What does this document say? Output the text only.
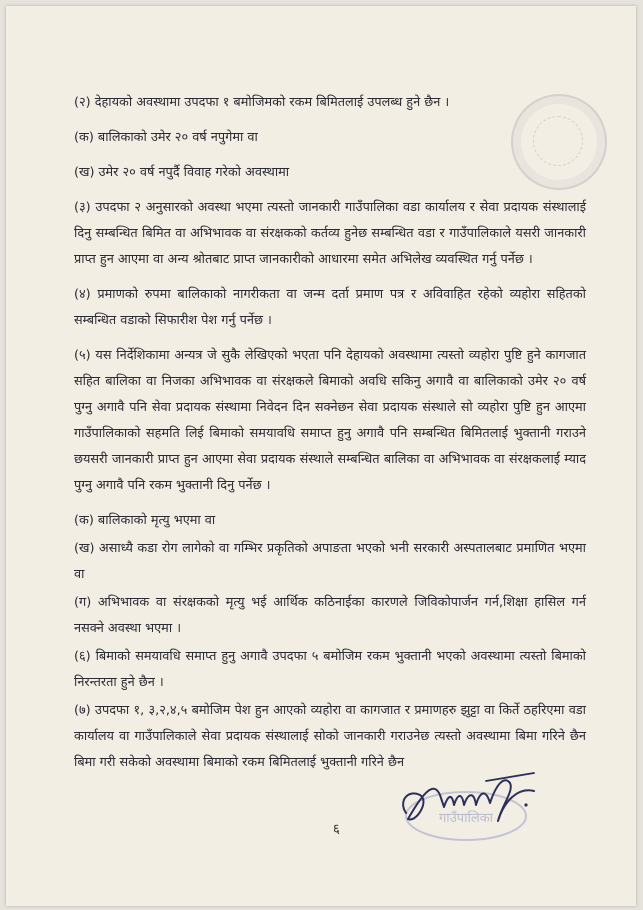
(२) देहायको अवस्थामा उपदफा १ बमोजिमको रकम बिमितलाई उपलब्ध हुने छैन ।

(क) बालिकाको उमेर २० वर्ष नपुगेमा वा

(ख) उमेर २० वर्ष नपुर्दै विवाह गरेको अवस्थामा

(३) उपदफा २ अनुसारको अवस्था भएमा त्यस्तो जानकारी गाउँपालिका वडा कार्यालय र सेवा प्रदायक संस्थालाई दिनु सम्बन्धित बिमित वा अभिभावक वा संरक्षकको कर्तव्य हुनेछ सम्बन्धित वडा र गाउँपालिकाले यसरी जानकारी प्राप्त हुन आएमा वा अन्य श्रोतबाट प्राप्त जानकारीको आधारमा समेत अभिलेख व्यवस्थित गर्नु पर्नेछ ।

(४) प्रमाणको रुपमा बालिकाको नागरीकता वा जन्म दर्ता प्रमाण पत्र र अविवाहित रहेको व्यहोरा सहितको सम्बन्धित वडाको सिफारीश पेश गर्नु पर्नेछ ।

(५) यस निर्देशिकामा अन्यत्र जे सुकै लेखिएको भएता पनि देहायको अवस्थामा त्यस्तो व्यहोरा पुष्टि हुने कागजात सहित बालिका वा निजका अभिभावक वा संरक्षकले बिमाको अवधि सकिनु अगावै वा बालिकाको उमेर २० वर्ष पुग्नु अगावै पनि सेवा प्रदायक संस्थामा निवेदन दिन सक्नेछन सेवा प्रदायक संस्थाले सो व्यहोरा पुष्टि हुन आएमा गाउँपालिकाको सहमति लिई बिमाको समयावधि समाप्त हुनु अगावै पनि सम्बन्धित बिमितलाई भुक्तानी गराउने छयसरी जानकारी प्राप्त हुन आएमा सेवा प्रदायक संस्थाले सम्बन्धित बालिका वा अभिभावक वा संरक्षकलाई म्याद पुग्नु अगावै पनि रकम भुक्तानी दिनु पर्नेछ ।

(क) बालिकाको मृत्यु भएमा वा

(ख) असाध्यै कडा रोग लागेको वा गम्भिर प्रकृतिको अपाङता भएको भनी सरकारी अस्पतालबाट प्रमाणित भएमा वा

(ग) अभिभावक वा संरक्षकको मृत्यु भई आर्थिक कठिनाईका कारणले जिविकोपार्जन गर्न,शिक्षा हासिल गर्न नसक्ने अवस्था भएमा ।

(६) बिमाको समयावधि समाप्त हुनु अगावै उपदफा ५ बमोजिम रकम भुक्तानी भएको अवस्थामा त्यस्तो बिमाको निरन्तरता हुने छैन ।

(७) उपदफा १, ३,२,४,५ बमोजिम पेश हुन आएको व्यहोरा वा कागजात र प्रमाणहरु झुट्टा वा किर्ते ठहरिएमा वडा कार्यालय वा गाउँपालिकाले सेवा प्रदायक संस्थालाई सोको जानकारी गराउनेछ त्यस्तो अवस्थामा बिमा गरिने छैन बिमा गरी सकेको अवस्थामा बिमाको रकम बिमितलाई भुक्तानी गरिने छैन

६
गाउँपालिका
